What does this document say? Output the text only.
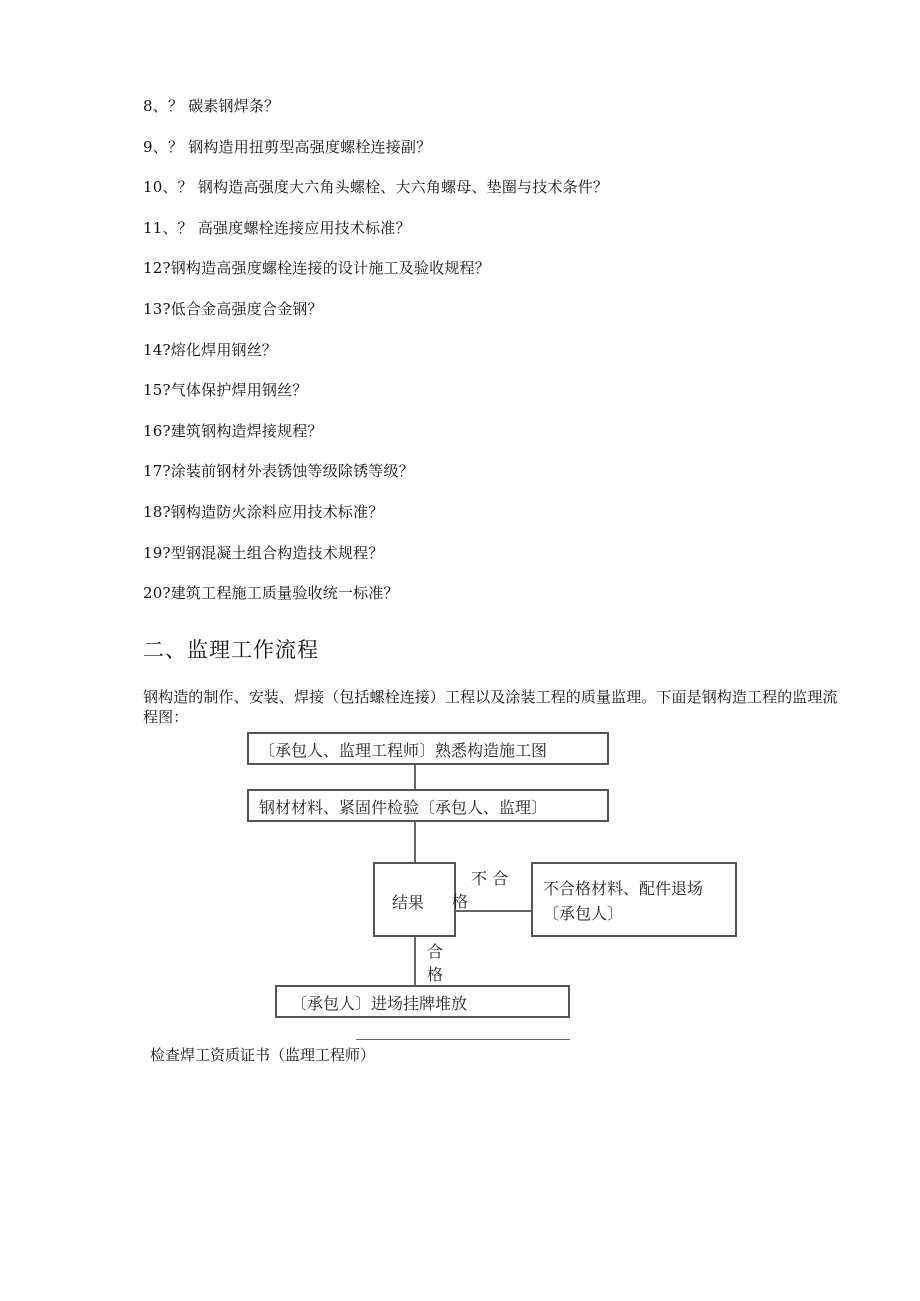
8、？ 碳素钢焊条？
9、？ 钢构造用扭剪型高强度螺栓连接副？
10、？ 钢构造高强度大六角头螺栓、大六角螺母、垫圈与技术条件？
11、？ 高强度螺栓连接应用技术标准？
12?钢构造高强度螺栓连接的设计施工及验收规程？
13?低合金高强度合金钢？
14?熔化焊用钢丝？
15?气体保护焊用钢丝？
16?建筑钢构造焊接规程？
17?涂装前钢材外表锈蚀等级除锈等级？
18?钢构造防火涂料应用技术标准？
19?型钢混凝土组合构造技术规程？
20?建筑工程施工质量验收统一标准？
二、监理工作流程
钢构造的制作、安装、焊接（包括螺栓连接）工程以及涂装工程的质量监理。下面是钢构造工程的监理流程图：
〔承包人、监理工程师〕熟悉构造施工图
钢材材料、紧固件检验〔承包人、监理〕
结果
不 合
格
不合格材料、配件退场
〔承包人〕
合
格
〔承包人〕进场挂牌堆放
检查焊工资质证书（监理工程师）
